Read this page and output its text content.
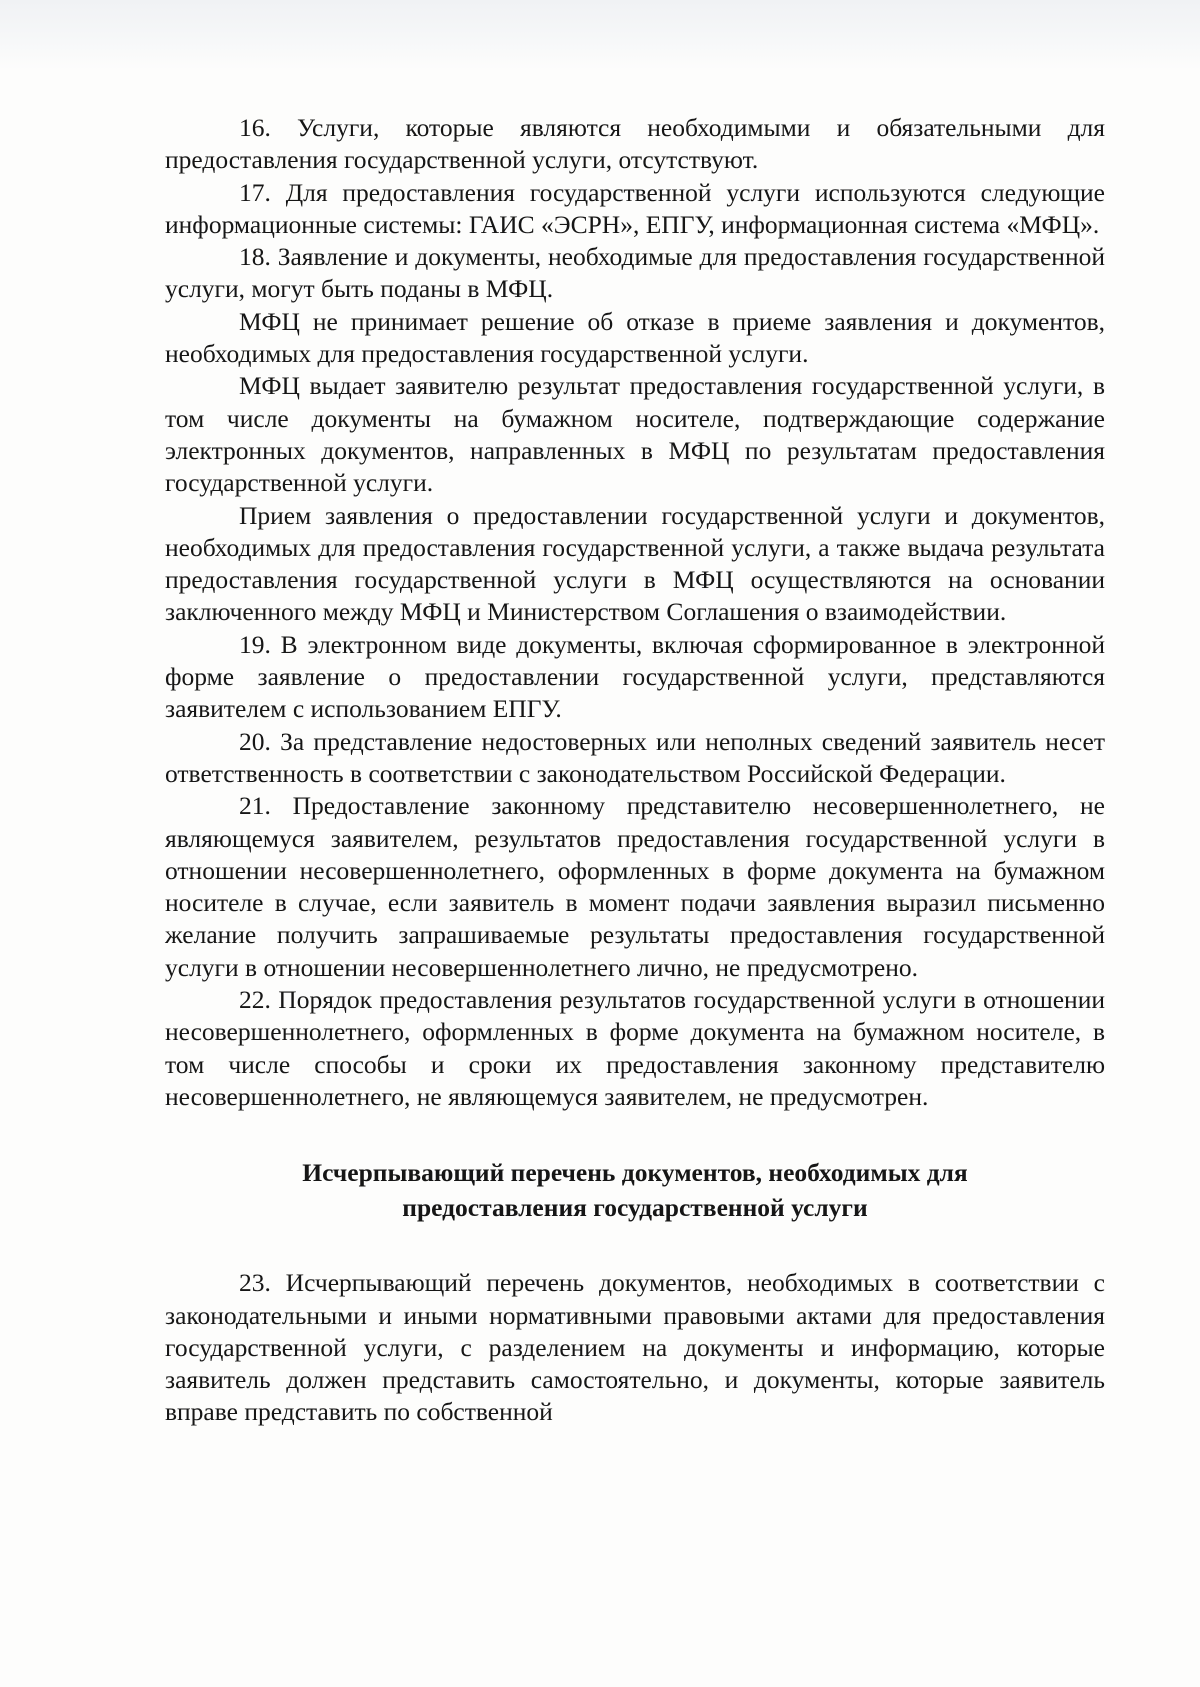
16. Услуги, которые являются необходимыми и обязательными для предоставления государственной услуги, отсутствуют.

17. Для предоставления государственной услуги используются следующие информационные системы: ГАИС «ЭСРН», ЕПГУ, информационная система «МФЦ».

18. Заявление и документы, необходимые для предоставления государственной услуги, могут быть поданы в МФЦ.

МФЦ не принимает решение об отказе в приеме заявления и документов, необходимых для предоставления государственной услуги.

МФЦ выдает заявителю результат предоставления государственной услуги, в том числе документы на бумажном носителе, подтверждающие содержание электронных документов, направленных в МФЦ по результатам предоставления государственной услуги.

Прием заявления о предоставлении государственной услуги и документов, необходимых для предоставления государственной услуги, а также выдача результата предоставления государственной услуги в МФЦ осуществляются на основании заключенного между МФЦ и Министерством Соглашения о взаимодействии.

19. В электронном виде документы, включая сформированное в электронной форме заявление о предоставлении государственной услуги, представляются заявителем с использованием ЕПГУ.

20. За представление недостоверных или неполных сведений заявитель несет ответственность в соответствии с законодательством Российской Федерации.

21. Предоставление законному представителю несовершеннолетнего, не являющемуся заявителем, результатов предоставления государственной услуги в отношении несовершеннолетнего, оформленных в форме документа на бумажном носителе в случае, если заявитель в момент подачи заявления выразил письменно желание получить запрашиваемые результаты предоставления государственной услуги в отношении несовершеннолетнего лично, не предусмотрено.

22. Порядок предоставления результатов государственной услуги в отношении несовершеннолетнего, оформленных в форме документа на бумажном носителе, в том числе способы и сроки их предоставления законному представителю несовершеннолетнего, не являющемуся заявителем, не предусмотрен.

Исчерпывающий перечень документов, необходимых для
предоставления государственной услуги

23. Исчерпывающий перечень документов, необходимых в соответствии с законодательными и иными нормативными правовыми актами для предоставления государственной услуги, с разделением на документы и информацию, которые заявитель должен представить самостоятельно, и документы, которые заявитель вправе представить по собственной
